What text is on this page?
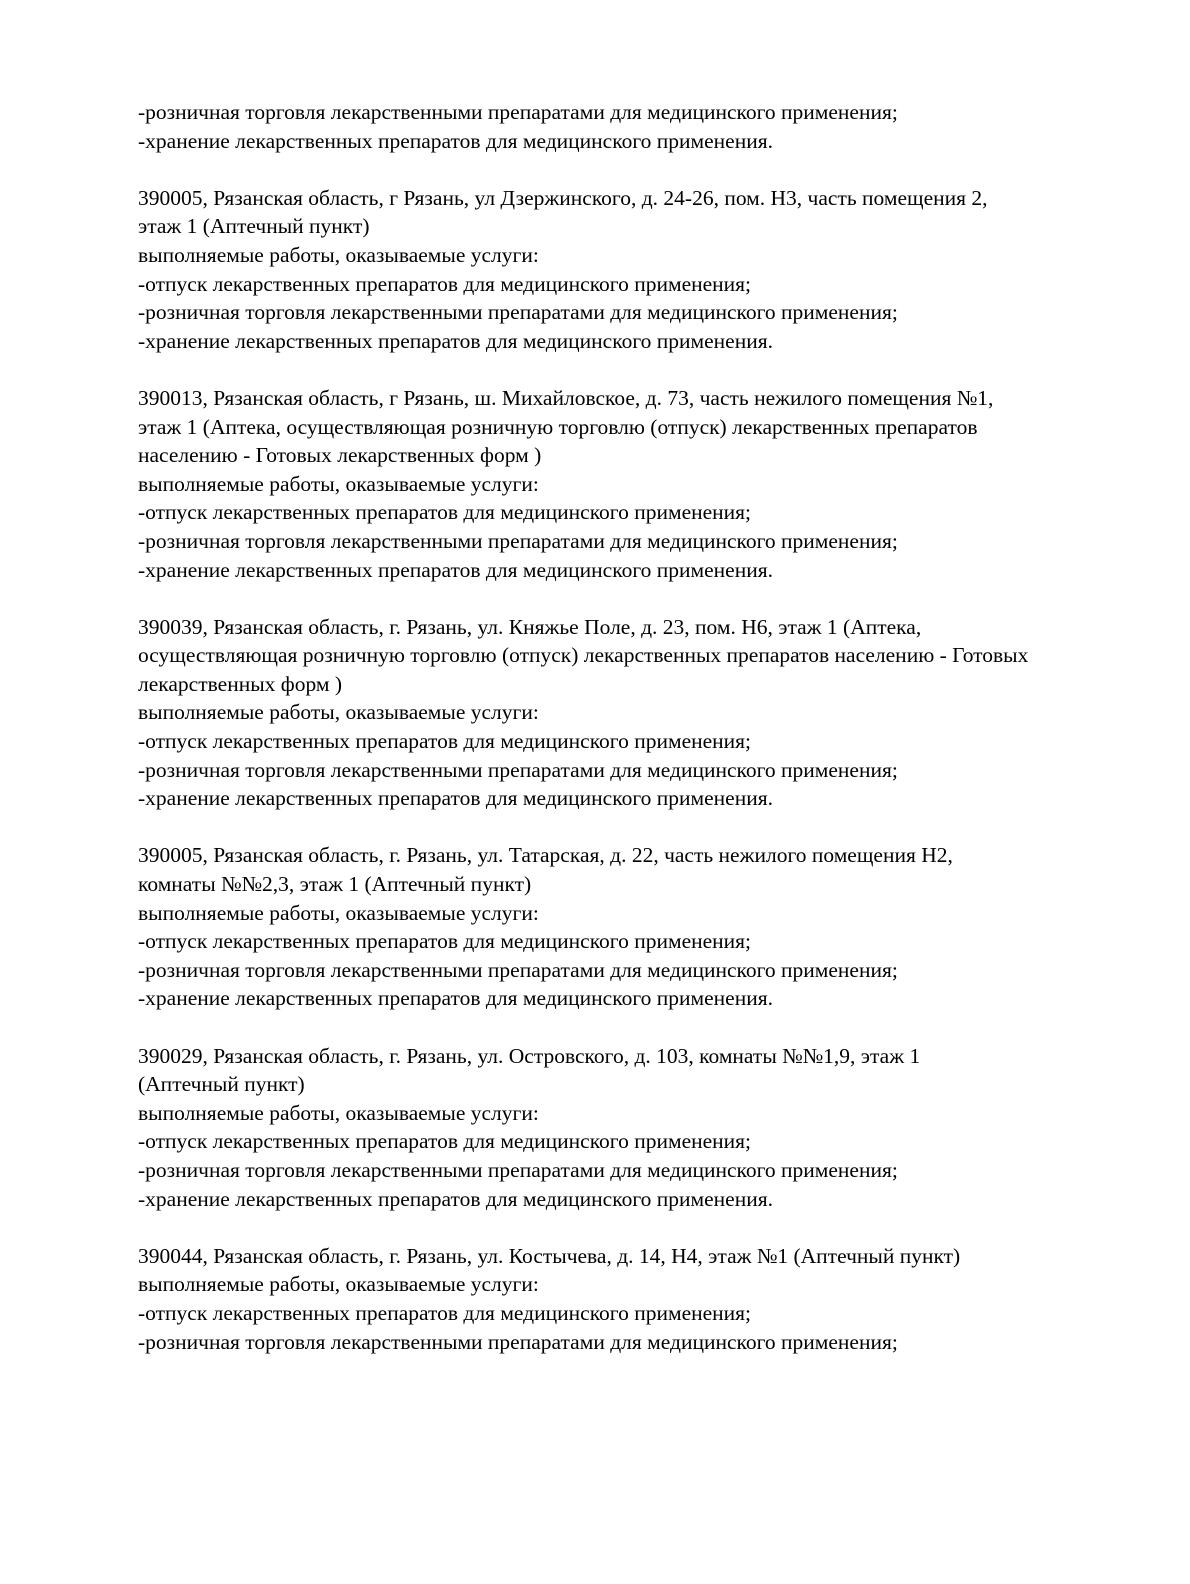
-розничная торговля лекарственными препаратами для медицинского применения;
-хранение лекарственных препаратов для медицинского применения.
390005, Рязанская область, г Рязань, ул Дзержинского, д. 24-26, пом. Н3, часть помещения 2,
этаж 1 (Аптечный пункт)
выполняемые работы, оказываемые услуги:
-отпуск лекарственных препаратов для медицинского применения;
-розничная торговля лекарственными препаратами для медицинского применения;
-хранение лекарственных препаратов для медицинского применения.
390013, Рязанская область, г Рязань, ш. Михайловское, д. 73, часть нежилого помещения №1,
этаж 1 (Аптека, осуществляющая розничную торговлю (отпуск) лекарственных препаратов
населению - Готовых лекарственных форм )
выполняемые работы, оказываемые услуги:
-отпуск лекарственных препаратов для медицинского применения;
-розничная торговля лекарственными препаратами для медицинского применения;
-хранение лекарственных препаратов для медицинского применения.
390039, Рязанская область, г. Рязань, ул. Княжье Поле, д. 23, пом. Н6, этаж 1 (Аптека,
осуществляющая розничную торговлю (отпуск) лекарственных препаратов населению - Готовых
лекарственных форм )
выполняемые работы, оказываемые услуги:
-отпуск лекарственных препаратов для медицинского применения;
-розничная торговля лекарственными препаратами для медицинского применения;
-хранение лекарственных препаратов для медицинского применения.
390005, Рязанская область, г. Рязань, ул. Татарская, д. 22, часть нежилого помещения Н2,
комнаты №№2,3, этаж 1 (Аптечный пункт)
выполняемые работы, оказываемые услуги:
-отпуск лекарственных препаратов для медицинского применения;
-розничная торговля лекарственными препаратами для медицинского применения;
-хранение лекарственных препаратов для медицинского применения.
390029, Рязанская область, г. Рязань, ул. Островского, д. 103, комнаты №№1,9, этаж 1
(Аптечный пункт)
выполняемые работы, оказываемые услуги:
-отпуск лекарственных препаратов для медицинского применения;
-розничная торговля лекарственными препаратами для медицинского применения;
-хранение лекарственных препаратов для медицинского применения.
390044, Рязанская область, г. Рязань, ул. Костычева, д. 14, Н4, этаж №1 (Аптечный пункт)
выполняемые работы, оказываемые услуги:
-отпуск лекарственных препаратов для медицинского применения;
-розничная торговля лекарственными препаратами для медицинского применения;
